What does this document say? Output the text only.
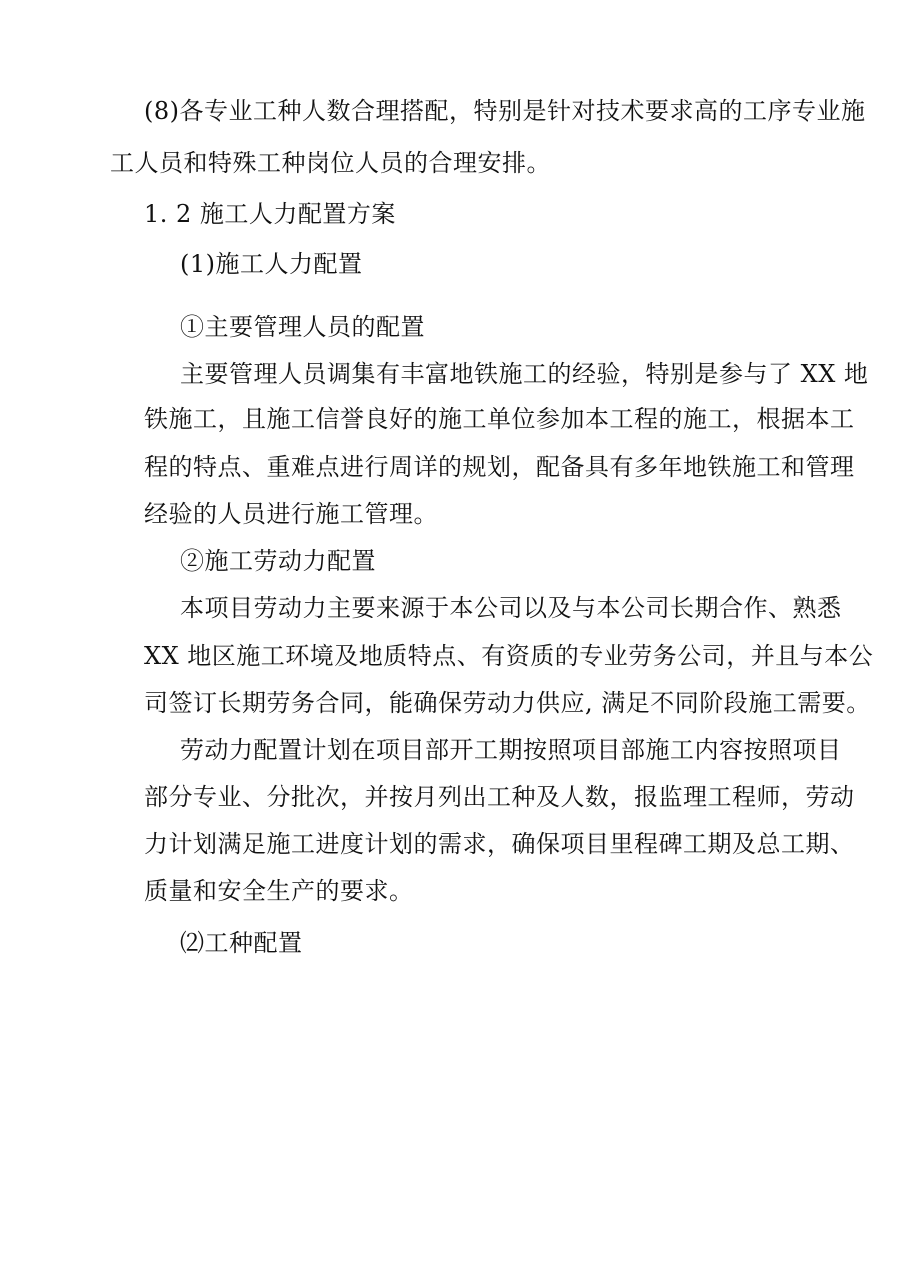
(8)各专业工种人数合理搭配，特别是针对技术要求高的工序专业施
工人员和特殊工种岗位人员的合理安排。
1. 2 施工人力配置方案
(1)施工人力配置
①主要管理人员的配置
主要管理人员调集有丰富地铁施工的经验，特别是参与了 XX 地
铁施工，且施工信誉良好的施工单位参加本工程的施工，根据本工
程的特点、重难点进行周详的规划，配备具有多年地铁施工和管理
经验的人员进行施工管理。
②施工劳动力配置
本项目劳动力主要来源于本公司以及与本公司长期合作、熟悉
XX 地区施工环境及地质特点、有资质的专业劳务公司，并且与本公
司签订长期劳务合同，能确保劳动力供应, 满足不同阶段施工需要。
劳动力配置计划在项目部开工期按照项目部施工内容按照项目
部分专业、分批次，并按月列出工种及人数，报监理工程师，劳动
力计划满足施工进度计划的需求，确保项目里程碑工期及总工期、
质量和安全生产的要求。
⑵工种配置
